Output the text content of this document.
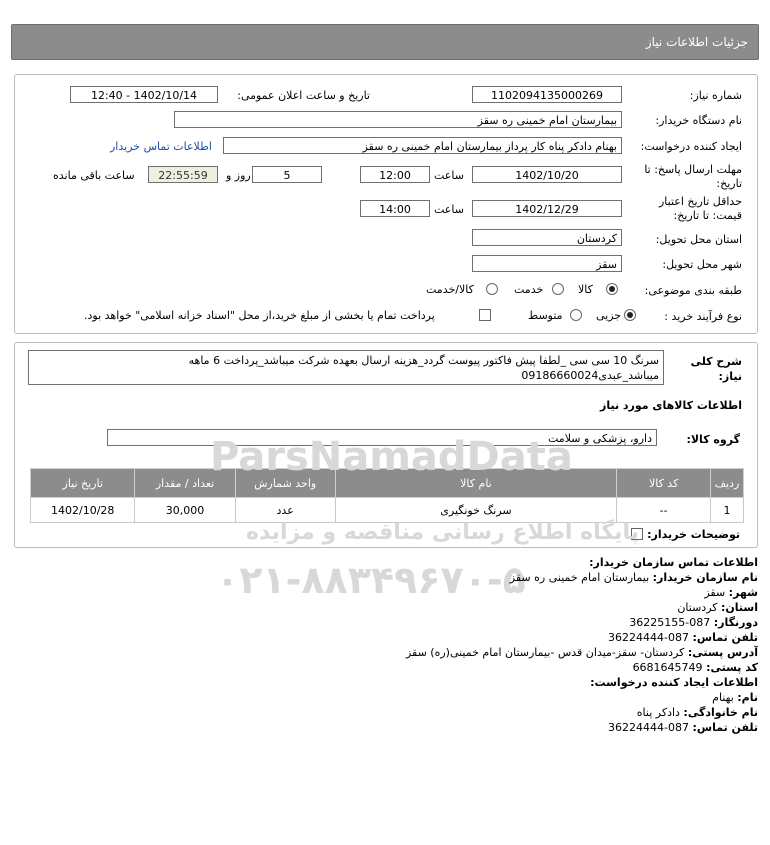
جزئیات اطلاعات نیاز
شماره نیاز:
1102094135000269
تاریخ و ساعت اعلان عمومی:
1402/10/14 - 12:40
نام دستگاه خریدار:
بیمارستان امام خمینی ره سقز
ایجاد کننده درخواست:
بهنام دادکر پناه کار پرداز بیمارستان امام خمینی ره سقز
اطلاعات تماس خریدار
مهلت ارسال پاسخ: تا
تاریخ:
1402/10/20
ساعت
12:00
5
روز و
22:55:59
ساعت باقی مانده
حداقل تاریخ اعتبار
قیمت: تا تاریخ:
1402/12/29
ساعت
14:00
استان محل تحویل:
کردستان
شهر محل تحویل:
سقز
طبقه بندی موضوعی:
کالا
خدمت
کالا/خدمت
نوع فرآیند خرید :
جزیی
متوسط
پرداخت تمام یا بخشی از مبلغ خرید،از محل "اسناد خزانه اسلامی" خواهد بود.
شرح کلی
نیاز:
سرنگ 10 سی سی _لطفا پیش فاکتور پیوست گردد_هزینه ارسال بعهده شرکت میباشد_پرداخت 6 ماهه
میباشد_عبدی09186660024
اطلاعات کالاهای مورد نیاز
گروه کالا:
دارو، پزشکی و سلامت
ردیف	کد کالا	نام کالا	واحد شمارش	تعداد / مقدار	تاریخ نیاز
1	--	سرنگ خونگیری	عدد	30,000	1402/10/28
توضیحات خریدار:
ParsNamadData
پایگاه اطلاع رسانی مناقصه و مزایده
۰۲۱-۸۸۳۴۹۶۷۰-۵	اطلاعات تماس سازمان خریدار:
نام سازمان خریدار: بیمارستان امام خمینی ره سقز
شهر: سقز
استان: کردستان
دورنگار: 087-36225155
تلفن تماس: 087-36224444
آدرس پستی: کردستان- سقز-میدان قدس -بیمارستان امام خمینی(ره) سقز
کد پستی: 6681645749
اطلاعات ایجاد کننده درخواست:
نام: بهنام
نام خانوادگی: دادکر پناه
تلفن تماس: 087-36224444
